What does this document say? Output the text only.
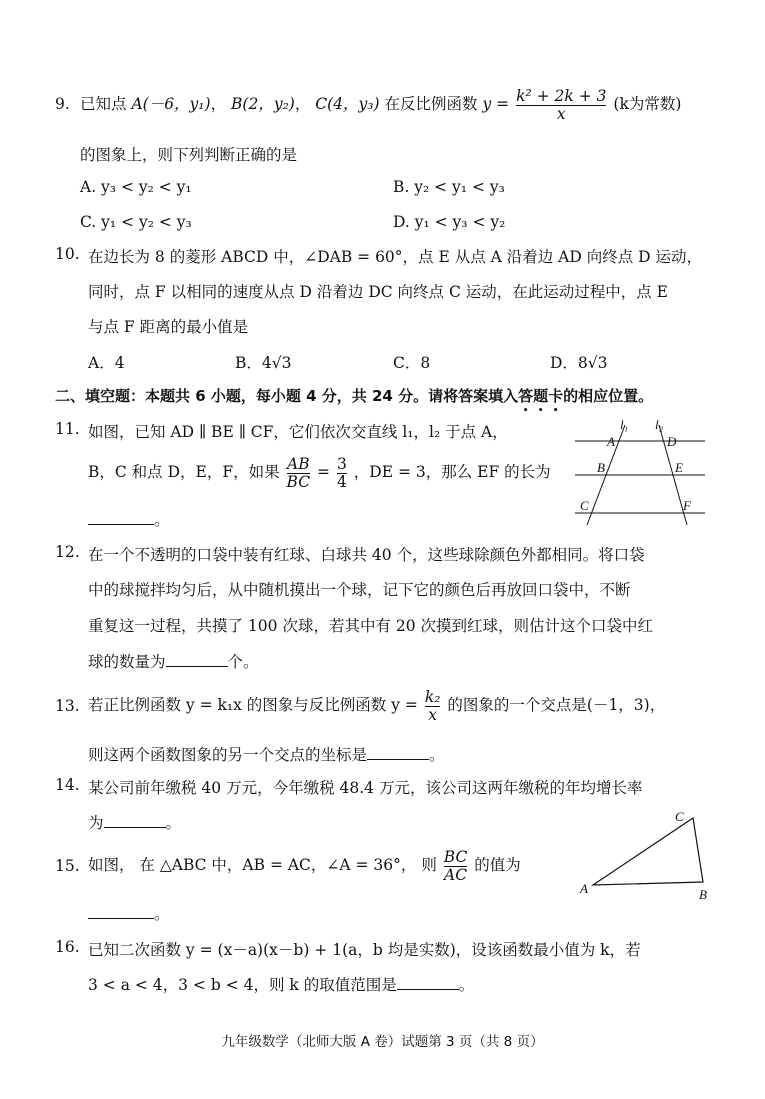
9. 已知点 A(－6，y₁)， B(2，y₂)， C(4，y₃) 在反比例函数 $y = \frac{\text{k² + 2k + 3}}{x} (k$为常数)
的图象上，则下列判断正确的是
A. y₃ < y₂ < y₁	B. y₂ < y₁ < y₃
C. y₁ < y₂ < y₃	D. y₁ < y₃ < y₂
10. 在边长为 8 的菱形 ABCD 中，∠DAB = 60°，点 E 从点 A 沿着边 AD 向终点 D 运动，
同时，点 F 以相同的速度从点 D 沿着边 DC 向终点 C 运动，在此运动过程中，点 E
与点 F 距离的最小值是
A．4	B．4√3	C．8	D．8√3
二、填空题：本题共 6 小题，每小题 4 分，共 24 分。请将答案填入答题卡的相应位置。
11. 如图，已知 AD ∥ BE ∥ CF，它们依次交直线 l₁，l₂ 于点 A，
B，C 和点 D，E，F，如果 $\frac{AB}{BC} = \frac{3}{4}$ ，DE = 3，那么 EF 的长为
。
l₁ l₂
A	D
B	E
C	F
12. 在一个不透明的口袋中装有红球、白球共 40 个，这些球除颜色外都相同。将口袋
中的球搅拌均匀后，从中随机摸出一个球，记下它的颜色后再放回口袋中，不断
重复这一过程，共摸了 100 次球，若其中有 20 次摸到红球，则估计这个口袋中红
球的数量为	个。
13. 若正比例函数 y = k₁x 的图象与反比例函数 $y = \frac{\text{k₂}}{x}$ 的图象的一个交点是(－1，3)，
则这两个函数图象的另一个交点的坐标是	。
14. 某公司前年缴税 40 万元，今年缴税 48.4 万元，该公司这两年缴税的年均增长率
为	。
15. 如图， 在 △ABC 中，AB = AC，∠A = 36°， 则 $\frac{BC}{AC}$ 的值为
。
A
C
B
16. 已知二次函数 y = (x－a)(x－b) + 1(a，b 均是实数)，设该函数最小值为 k，若
3 < a < 4，3 < b < 4，则 k 的取值范围是	。
九年级数学（北师大版 A 卷）试题第 3 页（共 8 页）
